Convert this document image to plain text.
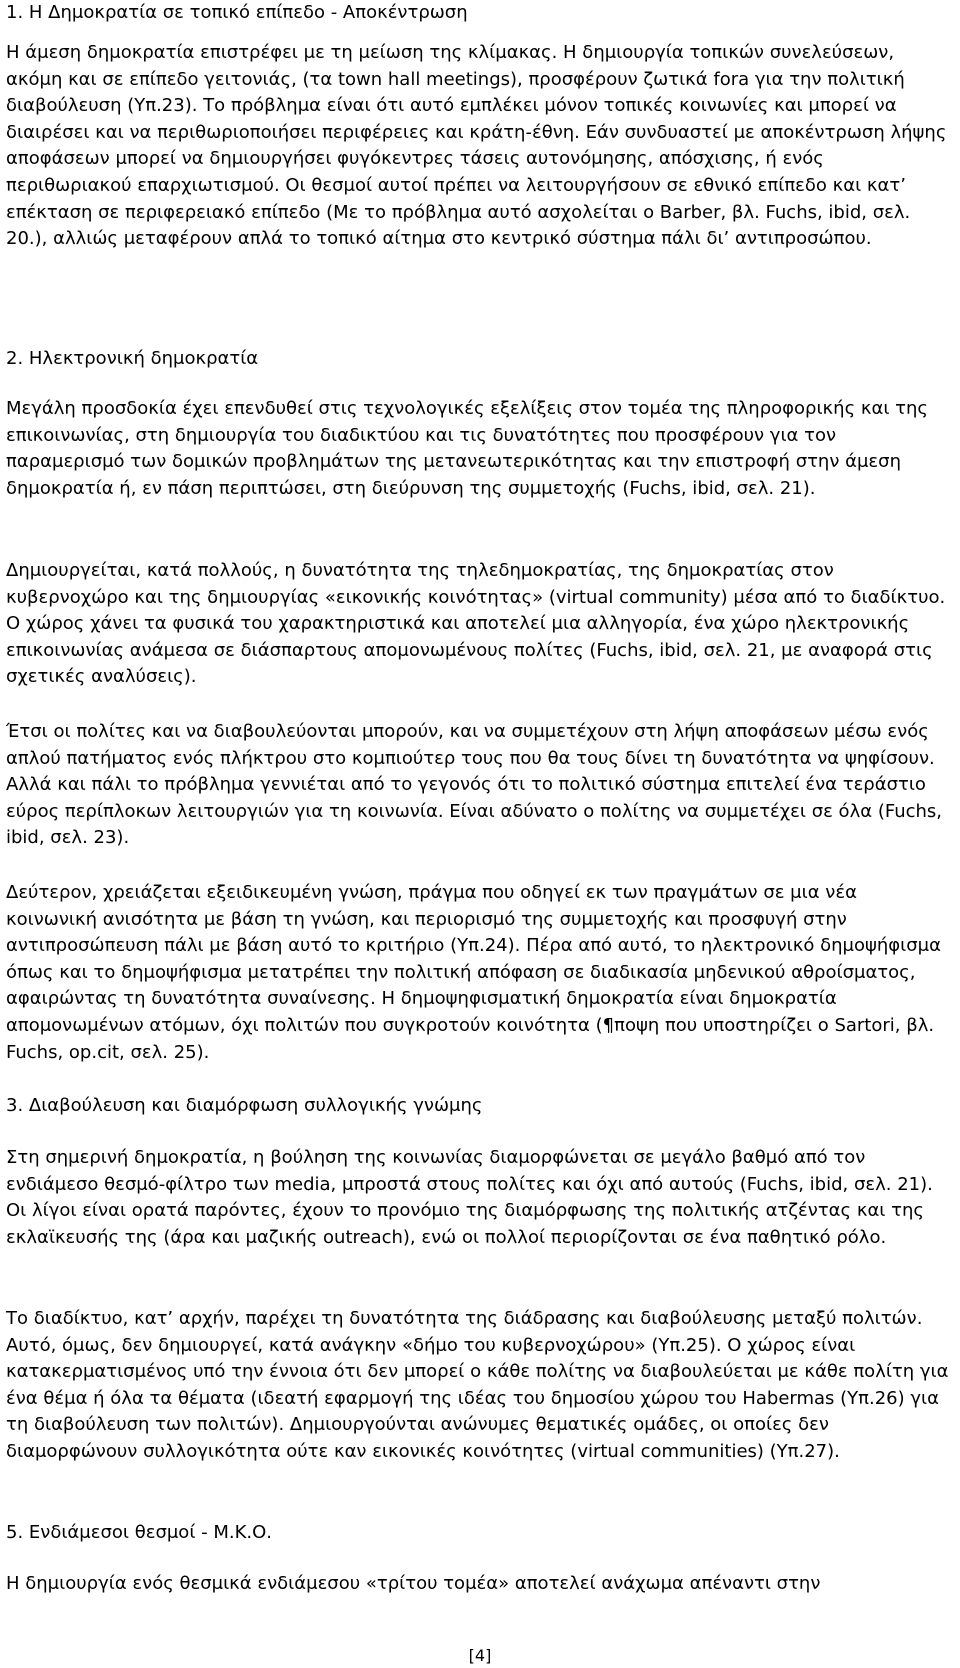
1. Η Δημοκρατία σε τοπικό επίπεδο - Αποκέντρωση
Η άμεση δημοκρατία επιστρέφει με τη μείωση της κλίμακας. Η δημιουργία τοπικών συνελεύσεων, ακόμη και σε επίπεδο γειτονιάς, (τα town hall meetings), προσφέρουν ζωτικά fora για την πολιτική διαβούλευση (Υπ.23). Το πρόβλημα είναι ότι αυτό εμπλέκει μόνον τοπικές κοινωνίες και μπορεί να διαιρέσει και να περιθωριοποιήσει περιφέρειες και κράτη-έθνη. Εάν συνδυαστεί με αποκέντρωση λήψης αποφάσεων μπορεί να δημιουργήσει φυγόκεντρες τάσεις αυτονόμησης, απόσχισης, ή ενός περιθωριακού επαρχιωτισμού. Οι θεσμοί αυτοί πρέπει να λειτουργήσουν σε εθνικό επίπεδο και κατ’ επέκταση σε περιφερειακό επίπεδο (Με το πρόβλημα αυτό ασχολείται ο Barber, βλ. Fuchs, ibid, σελ. 20.), αλλιώς μεταφέρουν απλά το τοπικό αίτημα στο κεντρικό σύστημα πάλι δι’ αντιπροσώπου.
2. Ηλεκτρονική δημοκρατία
Μεγάλη προσδοκία έχει επενδυθεί στις τεχνολογικές εξελίξεις στον τομέα της πληροφορικής και της επικοινωνίας, στη δημιουργία του διαδικτύου και τις δυνατότητες που προσφέρουν για τον παραμερισμό των δομικών προβλημάτων της μετανεωτερικότητας και την επιστροφή στην άμεση δημοκρατία ή, εν πάση περιπτώσει, στη διεύρυνση της συμμετοχής (Fuchs, ibid, σελ. 21).
Δημιουργείται, κατά πολλούς, η δυνατότητα της τηλεδημοκρατίας, της δημοκρατίας στον κυβερνοχώρο και της δημιουργίας «εικονικής κοινότητας» (virtual community) μέσα από το διαδίκτυο. Ο χώρος χάνει τα φυσικά του χαρακτηριστικά και αποτελεί μια αλληγορία, ένα χώρο ηλεκτρονικής επικοινωνίας ανάμεσα σε διάσπαρτους απομονωμένους πολίτες (Fuchs, ibid, σελ. 21, με αναφορά στις σχετικές αναλύσεις).
Έτσι οι πολίτες και να διαβουλεύονται μπορούν, και να συμμετέχουν στη λήψη αποφάσεων μέσω ενός απλού πατήματος ενός πλήκτρου στο κομπιούτερ τους που θα τους δίνει τη δυνατότητα να ψηφίσουν. Αλλά και πάλι το πρόβλημα γεννιέται από το γεγονός ότι το πολιτικό σύστημα επιτελεί ένα τεράστιο εύρος περίπλοκων λειτουργιών για τη κοινωνία. Είναι αδύνατο ο πολίτης να συμμετέχει σε όλα (Fuchs, ibid, σελ. 23).
Δεύτερον, χρειάζεται εξειδικευμένη γνώση, πράγμα που οδηγεί εκ των πραγμάτων σε μια νέα κοινωνική ανισότητα με βάση τη γνώση, και περιορισμό της συμμετοχής και προσφυγή στην αντιπροσώπευση πάλι με βάση αυτό το κριτήριο (Υπ.24). Πέρα από αυτό, το ηλεκτρονικό δημοψήφισμα όπως και το δημοψήφισμα μετατρέπει την πολιτική απόφαση σε διαδικασία μηδενικού αθροίσματος, αφαιρώντας τη δυνατότητα συναίνεσης. Η δημοψηφισματική δημοκρατία είναι δημοκρατία απομονωμένων ατόμων, όχι πολιτών που συγκροτούν κοινότητα (¶ποψη που υποστηρίζει ο Sartori, βλ. Fuchs, op.cit, σελ. 25).
3. Διαβούλευση και διαμόρφωση συλλογικής γνώμης
Στη σημερινή δημοκρατία, η βούληση της κοινωνίας διαμορφώνεται σε μεγάλο βαθμό από τον ενδιάμεσο θεσμό-φίλτρο των media, μπροστά στους πολίτες και όχι από αυτούς (Fuchs, ibid, σελ. 21). Οι λίγοι είναι ορατά παρόντες, έχουν το προνόμιο της διαμόρφωσης της πολιτικής ατζέντας και της εκλαϊκευσής της (άρα και μαζικής outreach), ενώ οι πολλοί περιορίζονται σε ένα παθητικό ρόλο.
Το διαδίκτυο, κατ’ αρχήν, παρέχει τη δυνατότητα της διάδρασης και διαβούλευσης μεταξύ πολιτών. Αυτό, όμως, δεν δημιουργεί, κατά ανάγκην «δήμο του κυβερνοχώρου» (Υπ.25). Ο χώρος είναι κατακερματισμένος υπό την έννοια ότι δεν μπορεί ο κάθε πολίτης να διαβουλεύεται με κάθε πολίτη για ένα θέμα ή όλα τα θέματα (ιδεατή εφαρμογή της ιδέας του δημοσίου χώρου του Habermas (Υπ.26) για τη διαβούλευση των πολιτών). Δημιουργούνται ανώνυμες θεματικές ομάδες, οι οποίες δεν διαμορφώνουν συλλογικότητα ούτε καν εικονικές κοινότητες (virtual communities) (Υπ.27).
5. Ενδιάμεσοι θεσμοί - Μ.Κ.Ο.
Η δημιουργία ενός θεσμικά ενδιάμεσου «τρίτου τομέα» αποτελεί ανάχωμα απέναντι στην
[4]
